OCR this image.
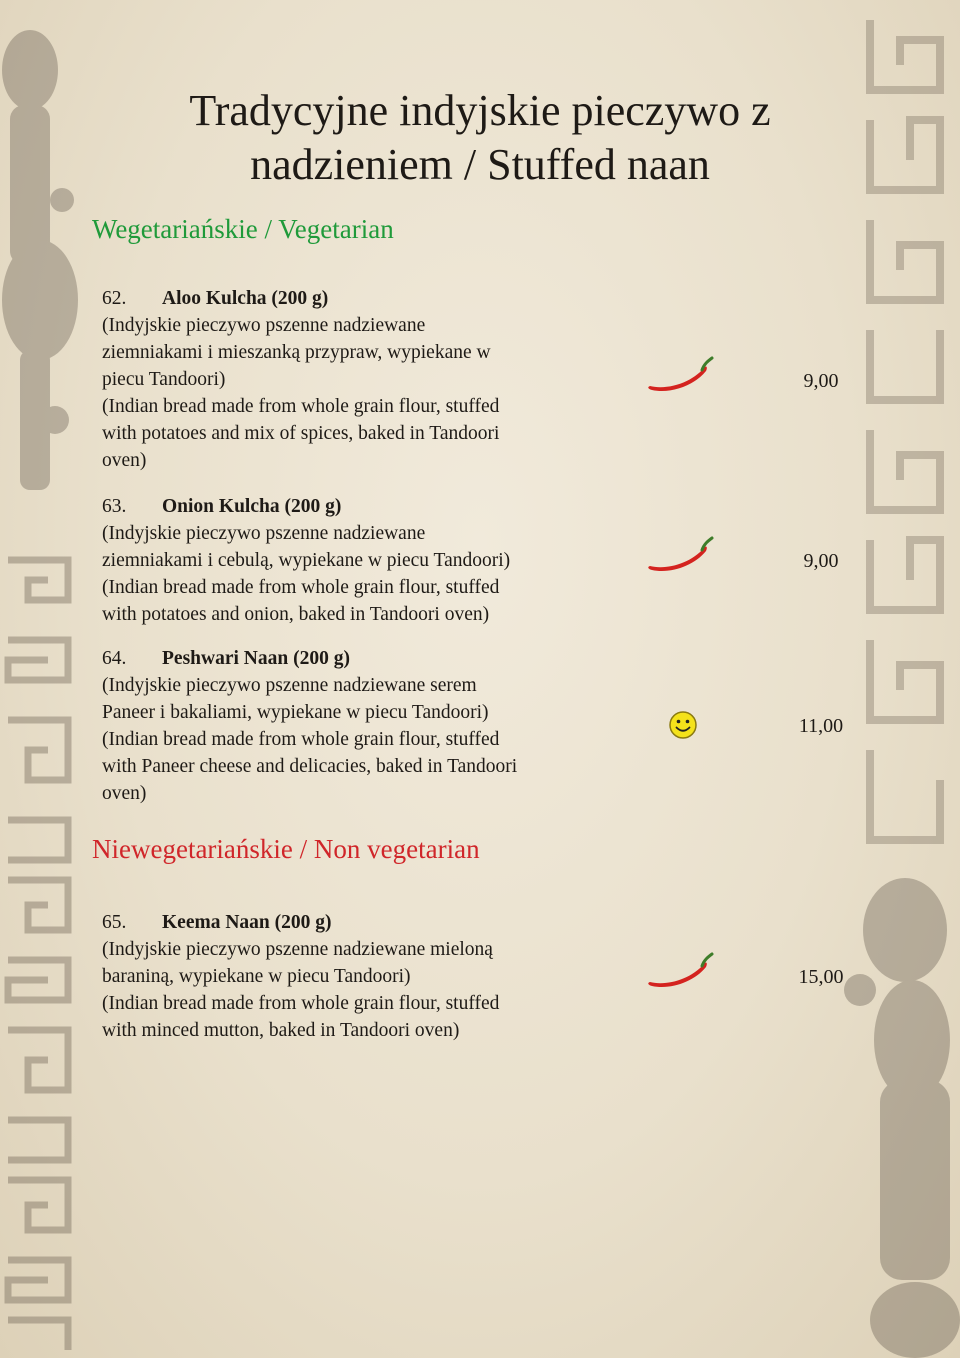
Tradycyjne indyjskie pieczywo z nadzieniem / Stuffed naan
Wegetariańskie / Vegetarian
62. Aloo Kulcha (200 g)
(Indyjskie pieczywo pszenne nadziewane
ziemniakami i mieszanką przypraw, wypiekane w
piecu Tandoori)
(Indian bread made from whole grain flour, stuffed
with potatoes and mix of spices, baked in Tandoori
oven)
9,00
63. Onion Kulcha (200 g)
(Indyjskie pieczywo pszenne nadziewane
ziemniakami i cebulą, wypiekane w piecu Tandoori)
(Indian bread made from whole grain flour, stuffed
with potatoes and onion, baked in Tandoori oven)
9,00
64. Peshwari Naan (200 g)
(Indyjskie pieczywo pszenne nadziewane serem
Paneer i bakaliami, wypiekane w piecu Tandoori)
(Indian bread made from whole grain flour, stuffed
with Paneer cheese and delicacies, baked in Tandoori
oven)
11,00
Niewegetariańskie / Non vegetarian
65. Keema Naan (200 g)
(Indyjskie pieczywo pszenne nadziewane mieloną
baraniną, wypiekane w piecu Tandoori)
(Indian bread made from whole grain flour, stuffed
with minced mutton, baked in Tandoori oven)
15,00
